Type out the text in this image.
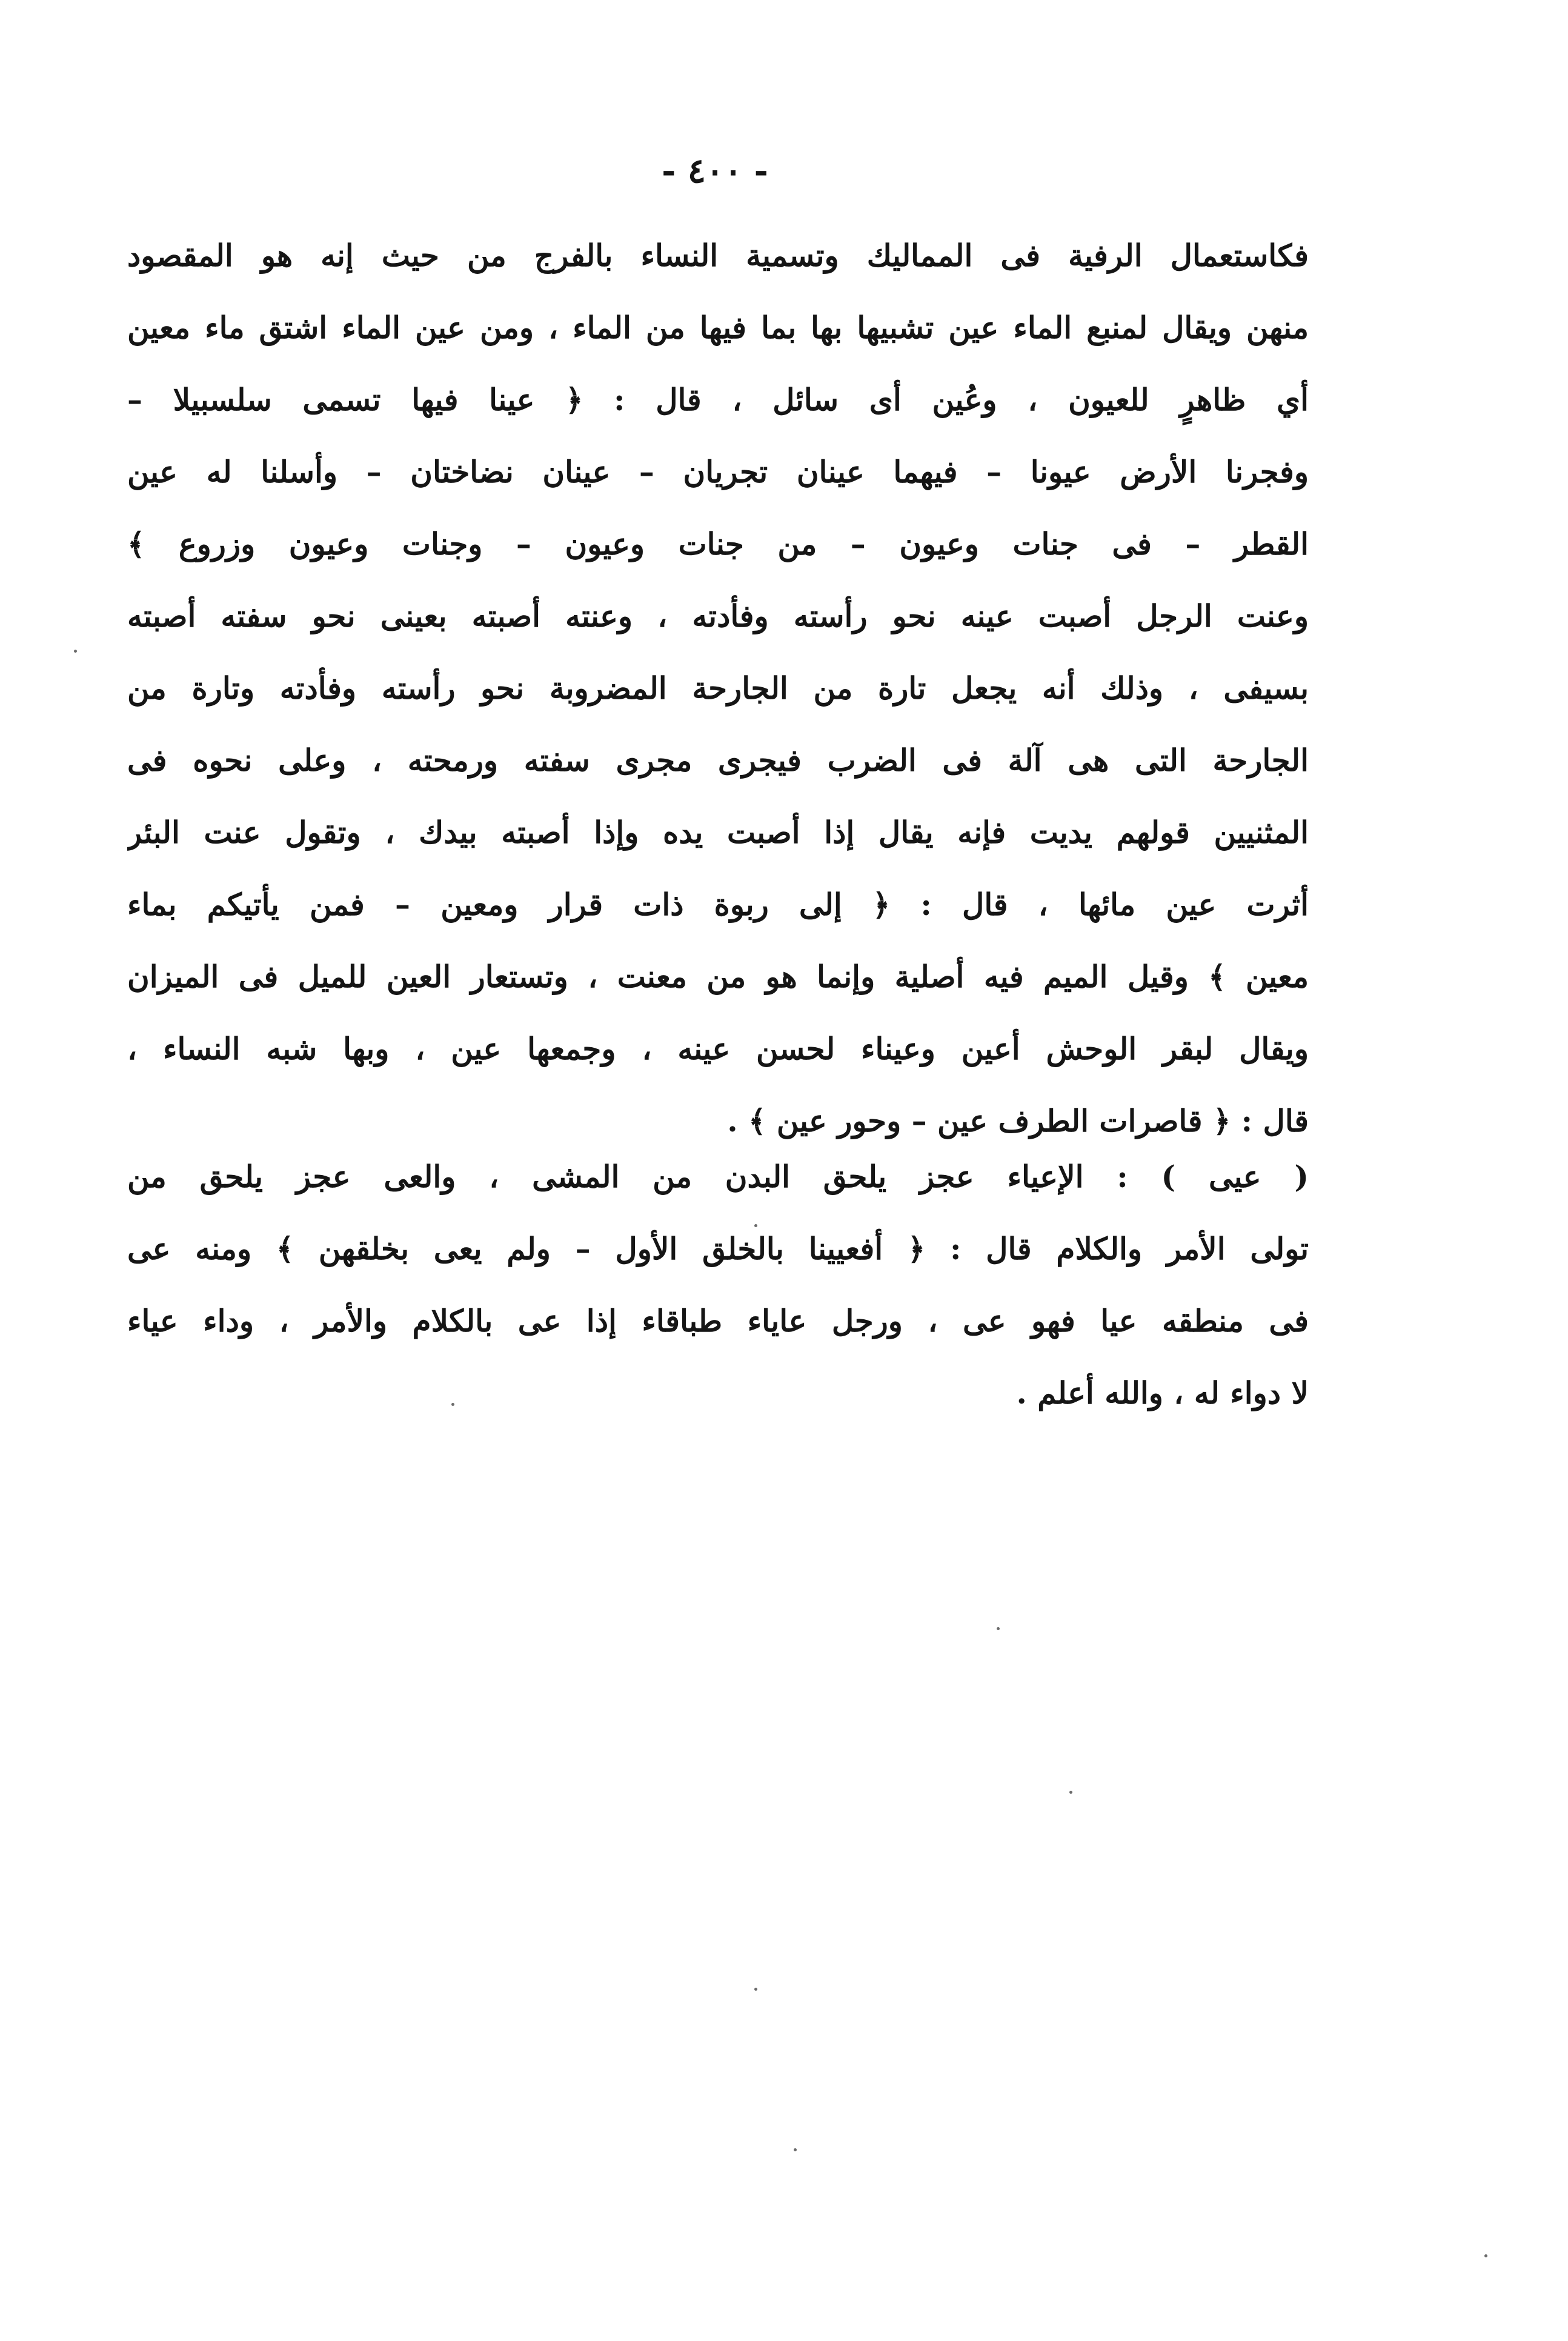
- ٤٠٠ -
فكاستعمال الرفية فى المماليك وتسمية النساء بالفرج من حيث إنه هو المقصود
منهن ويقال لمنبع الماء عين تشبيها بها بما فيها من الماء ، ومن عين الماء اشتق ماء معين
أي ظاهرٍ للعيون ، وعُين أى سائل ، قال : ﴿ عينا فيها تسمى سلسبيلا –
وفجرنا الأرض عيونا – فيهما عينان تجريان – عينان نضاختان – وأسلنا له عين
القطر – فى جنات وعيون – من جنات وعيون – وجنات وعيون وزروع ﴾
وعنت الرجل أصبت عينه نحو رأسته وفأدته ، وعنته أصبته بعينى نحو سفته أصبته
بسيفى ، وذلك أنه يجعل تارة من الجارحة المضروبة نحو رأسته وفأدته وتارة من
الجارحة التى هى آلة فى الضرب فيجرى مجرى سفته ورمحته ، وعلى نحوه فى
المثنيين قولهم يديت فإنه يقال إذا أصبت يده وإذا أصبته بيدك ، وتقول عنت البئر
أثرت عين مائها ، قال : ﴿ إلى ربوة ذات قرار ومعين – فمن يأتيكم بماء
معين ﴾ وقيل الميم فيه أصلية وإنما هو من معنت ، وتستعار العين للميل فى الميزان
ويقال لبقر الوحش أعين وعيناء لحسن عينه ، وجمعها عين ، وبها شبه النساء ،
قال : ﴿ قاصرات الطرف عين – وحور عين ﴾ .
( عيى ) : الإعياء عجز يلحق البدن من المشى ، والعى عجز يلحق من
تولى الأمر والكلام قال : ﴿ أفعيينا بالخلق الأول – ولم يعى بخلقهن ﴾ ومنه عى
فى منطقه عيا فهو عى ، ورجل عاياء طباقاء إذا عى بالكلام والأمر ، وداء عياء
لا دواء له ، والله أعلم .
